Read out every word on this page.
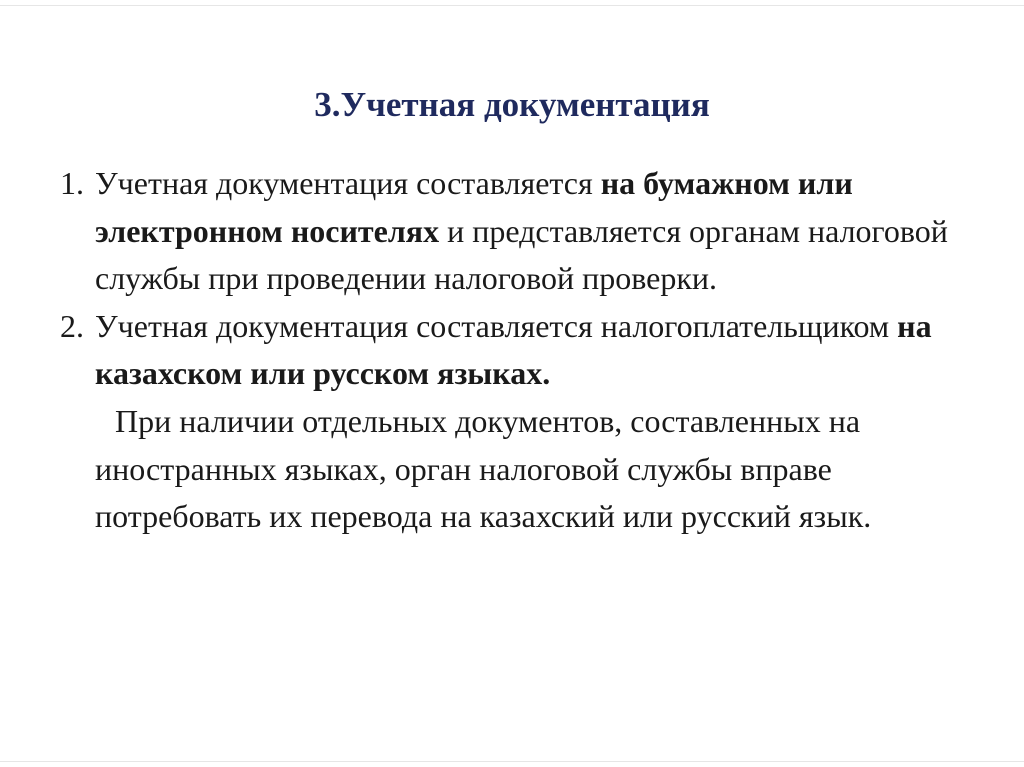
3.Учетная документация

1. Учетная документация составляется на бумажном или электронном носителях и представляется органам налоговой службы при проведении налоговой проверки.

2. Учетная документация составляется налогоплательщиком на казахском или русском языках.

При наличии отдельных документов, составленных на иностранных языках, орган налоговой службы вправе потребовать их перевода на казахский или русский язык.
